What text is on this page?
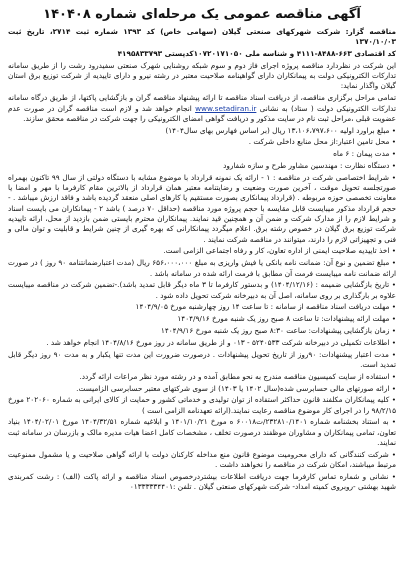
آگهی مناقصه عمومی یک مرحله‌ای شماره ۱۴۰۴۰۸
مناقصه گزار: شرکت شهرکهای صنعتی گیلان (سهامی خاص) کد ۱۳۹۳ شماره ثبت ۲۷۱۴، تاریخ ثبت ۱۳۷۰/۱۰/۰۳
کد اقتصادی ۶۶۳-۸۴۸۸-۴۱۱۱ و شناسه ملی ۱۰۷۲۰۱۷۱۰۵۰کدپستی ۴۱۹۵۸۳۳۷۹۳
این شرکت در نظردارد مناقصه پروژه اجرای فاز دوم و سوم شبکه روشنایی شهرک صنعتی سفیدرود رشت را از طریق سامانه تدارکات الکترونیکی دولت به پیمانکاران دارای گواهینامه صلاحیت معتبر در رشته نیرو و دارای تاییدیه از شرکت توزیع برق استان گیلان واگذار نماید:
تمامی مراحل برگزاری مناقصه، از دریافت اسناد مناقصه تا ارائه پیشنهاد مناقصه گران و بازگشایی پاکتها، از طریق درگاه سامانه تدارکات الکترونیکی دولت ( ستاد) به نشانی www.setadiran.ir انجام خواهد شد و لازم است مناقصه گران در صورت عدم عضویت قبلی ،مراحل ثبت نام در سایت مذکور و دریافت گواهی امضای الکترونیکی را جهت شرکت در مناقصه محقق سازند.
• مبلغ براورد اولیه ۱۳،۱۰۶،۷۹۷،۶۰۰ ریال (بر اساس فهارس بهای سال۱۴۰۴)
• محل تامین اعتبار:از محل منابع داخلی شرکت .
• مدت پیمان : ۶ ماه
• دستگاه نظارت : مهندسین مشاور طرح و سازه شفارود
• شرایط اختصاصی شرکت در مناقصه : ۱ - ارائه یک نمونه قرارداد با موضوع مشابه با دستگاه دولتی از سال ۹۹ تاکنون بهمراه صورتجلسه تحویل موقت ، آخرین صورت وضعیت و رضایتنامه معتبر همان قرارداد از بالاترین مقام کارفرما با مهر و امضا یا معاونت تخصصی حوزه مربوطه . (قرارداد پیمانکاری بصورت مستقیم یا کارهای اصلی منعقد گردیده باشد و فاقد ارزش میباشد . - حجم قرارداد مذکور میبایست قابل مقایسه با حجم پروژه مورد مناقصه (حداقل ۷۰ درصد ) باشد ۲ - پیمانکاران می بایست اسناد و شرایط لازم را از مدارک شرکت و ضمن آن و همچنین قید نمایند. پیمانکاران محترم بایستی ضمن بازدید از محل، ارائه تاییدیه شرکت توزیع برق گیلان در خصوص رشته برق. اعلام میگردد پیمانکارانی که بهره گیری از چنین شرایط و قابلیت و توان مالی و فنی و تجهیزاتی لازم را دارند، میتوانند در مناقصه شرکت نمایند .
• اخذ تاییدیه صلاحیت ایمنی از اداره تعاون، کار و رفاه اجتماعی الزامی است.
• مبلغ تضمین و نوع آن: ضمانت نامه بانکی یا فیش واریزی به مبلغ ۶۵۶،۰۰۰،۰۰۰ ریال (مدت اعتبارضمانتنامه ۹۰ روز ) در صورت ارائه ضمانت نامه میبایست فرمت آن مطابق با فرمت ارائه شده در سامانه باشد .
• تاریخ بازگشایی ضمیمه : (۱۴۰۴/۱۲/۱۶) و بدستور کارفرما تا ۳ ماه دیگر قابل تمدید باشد).-تضمین شرکت در مناقصه میبایست علاوه بر بارگذاری بر روی سامانه، اصل آن به دبیرخانه شرکت تحویل داده شود .
• مهلت دریافت اسناد مناقصه از سامانه : تا ساعت ۱۴ روز چهارشنبه مورخ ۱۴۰۴/۹/۰۵
• مهلت ارائه پیشنهادات: تا ساعت ۸ صبح روز یک شنبه مورخ ۱۴۰۴/۹/۱۶
• زمان بازگشایی پیشنهادات: ساعت ۸:۳۰ صبح روز یک شنبه مورخ ۱۴۰۴/۹/۱۶
• اطلاعات تکمیلی در دبیرخانه شرکت ۵۲۴۰۵۳۳ - ۰۱۳ و از طریق سامانه در روز مورخ ۱۴۰۴/۸/۱۶ انجام خواهد شد .
• مدت اعتبار پیشنهادات: ۹۰روز از تاریخ تحویل پیشنهادات . درصورت ضرورت این مدت تنها یکبار و به مدت ۹۰ روز دیگر قابل تمدید است.
• استفاده از سایت کمیسیون مناقصه مندرج به نحو مطابق آمده و در رشته مورد نظر مراعات ارائه گردد.
• ارائه صورتهای مالی حسابرسی شده(سال ۱۴۰۲ یا ۱۴۰۳) از سوی شرکتهای معتبر حسابرسی الزامیست.
• کلیه پیمانکاران مکلفند قانون حداکثر استفاده از توان تولیدی و خدماتی کشور و حمایت از کالای ایرانی به شماره ۲۰۲۰۶۰ مورخ ۹۸/۲/۱۵ را در اجرای کار موضوع مناقصه رعایت نمایند.(ارائه تعهدنامه الزامی است )
• به استناد بخشنامه شماره ۲۳۲۸۱۰/۱۴۰۱/ت۶۰۰۱۸ ه مورخ ۱۴۰۱/۱۰/۲۱ و ابلاغیه شماره ۱۴۰۴/۳۲/۵۱ مورخ ۱۴۰۴/۰۲/۰۱ بنیاد تعاون، تمامی پیمانکاران و مشاوران موظفند درصورت تخلف ، مشخصات کامل اعضا هیات مدیره مالک و بازرسان در سامانه ثبت نمایند.
• شرکت کنندگانی که دارای محرومیت موضوع قانون منع مداخله کارکنان دولت با ارائه گواهی صلاحیت و یا مشمول ممنوعیت مرتبط میباشند، امکان شرکت در مناقصه را نخواهند داشت .
• نشانی و شماره تماس کارفرما جهت دریافت اطلاعات بیشتردرخصوص اسناد مناقصه و ارائه پاکت (الف) : رشت کمربندی شهید بهشتی -روبروی کمیته امداد- شرکت شهرکهای صنعتی گیلان . تلفن :۰۱۳۳۳۳۳۴۴۰۱
